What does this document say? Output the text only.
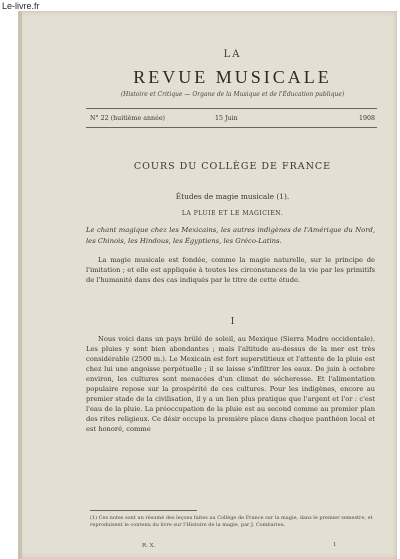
Le-livre.fr
LA
REVUE MUSICALE
(Histoire et Critique — Organe de la Musique et de l'Éducation publique)
N° 22 (huitième année)	15 Juin	1908
COURS DU COLLÈGE DE FRANCE
Études de magie musicale (1).
LA PLUIE ET LE MAGICIEN.
Le chant magique chez les Mexicains, les autres indigènes de l'Amérique du Nord, les Chinois, les Hindous, les Égyptiens, les Gréco-Latins.
La magie musicale est fondée, comme la magie naturelle, sur le principe de l'imitation ; et elle est appliquée à toutes les circonstances de la vie par les primitifs de l'humanité dans des cas indiqués par le titre de cette étude.
I
Nous voici dans un pays brûlé de soleil, au Mexique (Sierra Madre occidentale). Les pluies y sont bien abondantes ; mais l'altitude au-dessus de la mer est très considérable (2500 m.). Le Mexicain est fort superstitieux et l'attente de la pluie est chez lui une angoisse perpétuelle ; il se laisse s'infiltrer les eaux. De juin à octobre environ, les cultures sont menacées d'un climat de sécheresse. Et l'alimentation populaire repose sur la prospérité de ces cultures. Pour les indigènes, encore au premier stade de la civilisation, il y a un lien plus pratique que l'argent et l'or : c'est l'eau de la pluie. La préoccupation de la pluie est au second comme au premier plan des rites religieux. Ce désir occupe la première place dans chaque panthéon local et est honoré, comme
(1) Ces notes sont un résumé des leçons faites au Collège de France sur la magie, dans le premier semestre, et reproduisent le contenu du livre sur l'Histoire de la magie, par J. Combarieu.
R. X.	1
